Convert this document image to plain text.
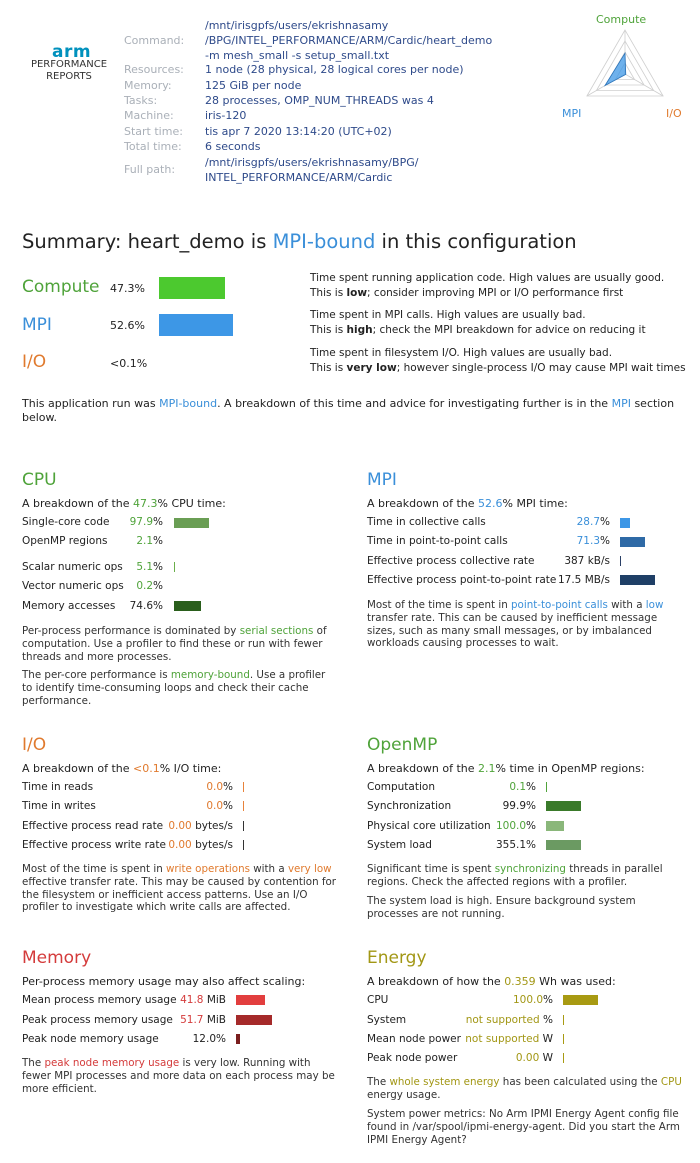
arm
PERFORMANCE
REPORTS
Command:
/mnt/irisgpfs/users/ekrishnasamy
/BPG/INTEL_PERFORMANCE/ARM/Cardic/heart_demo
-m mesh_small -s setup_small.txt
Resources:	1 node (28 physical, 28 logical cores per node)
Memory:	125 GiB per node
Tasks:	28 processes, OMP_NUM_THREADS was 4
Machine:	iris-120
Start time:	tis apr 7 2020 13:14:20 (UTC+02)
Total time:	6 seconds
Full path:
/mnt/irisgpfs/users/ekrishnasamy/BPG/
INTEL_PERFORMANCE/ARM/Cardic
Compute
MPI	I/O
Summary: heart_demo is MPI-bound in this configuration
Compute 47.3%
Time spent running application code. High values are usually good.
This is low; consider improving MPI or I/O performance first
MPI	52.6%
Time spent in MPI calls. High values are usually bad.
This is high; check the MPI breakdown for advice on reducing it
I/O	<0.1%
Time spent in filesystem I/O. High values are usually bad.
This is very low; however single-process I/O may cause MPI wait times
This application run was MPI-bound. A breakdown of this time and advice for investigating further is in the MPI section below.
CPU
A breakdown of the 47.3% CPU time:
Single-core code	97.9%
OpenMP regions	2.1%
Scalar numeric ops	5.1%
Vector numeric ops	0.2%
Memory accesses	74.6%
Per-process performance is dominated by serial sections of computation. Use a profiler to find these or run with fewer threads and more processes.
The per-core performance is memory-bound. Use a profiler to identify time-consuming loops and check their cache performance.
MPI
A breakdown of the 52.6% MPI time:
Time in collective calls	28.7%
Time in point-to-point calls	71.3%
Effective process collective rate	387 kB/s
Effective process point-to-point rate 17.5 MB/s
Most of the time is spent in point-to-point calls with a low transfer rate. This can be caused by inefficient message sizes, such as many small messages, or by imbalanced workloads causing processes to wait.
I/O
A breakdown of the <0.1% I/O time:
Time in reads	0.0%
Time in writes	0.0%
Effective process read rate 0.00 bytes/s
Effective process write rate 0.00 bytes/s
Most of the time is spent in write operations with a very low effective transfer rate. This may be caused by contention for the filesystem or inefficient access patterns. Use an I/O profiler to investigate which write calls are affected.
OpenMP
A breakdown of the 2.1% time in OpenMP regions:
Computation	0.1%
Synchronization	99.9%
Physical core utilization 100.0%
System load	355.1%
Significant time is spent synchronizing threads in parallel regions. Check the affected regions with a profiler.
The system load is high. Ensure background system processes are not running.
Memory
Per-process memory usage may also affect scaling:
Mean process memory usage 41.8 MiB
Peak process memory usage 51.7 MiB
Peak node memory usage	12.0%
The peak node memory usage is very low. Running with fewer MPI processes and more data on each process may be more efficient.
Energy
A breakdown of how the 0.359 Wh was used:
CPU	100.0%
System	not supported %
Mean node power not supported W
Peak node power	0.00 W
The whole system energy has been calculated using the CPU energy usage.
System power metrics: No Arm IPMI Energy Agent config file found in /var/spool/ipmi-energy-agent. Did you start the Arm IPMI Energy Agent?
